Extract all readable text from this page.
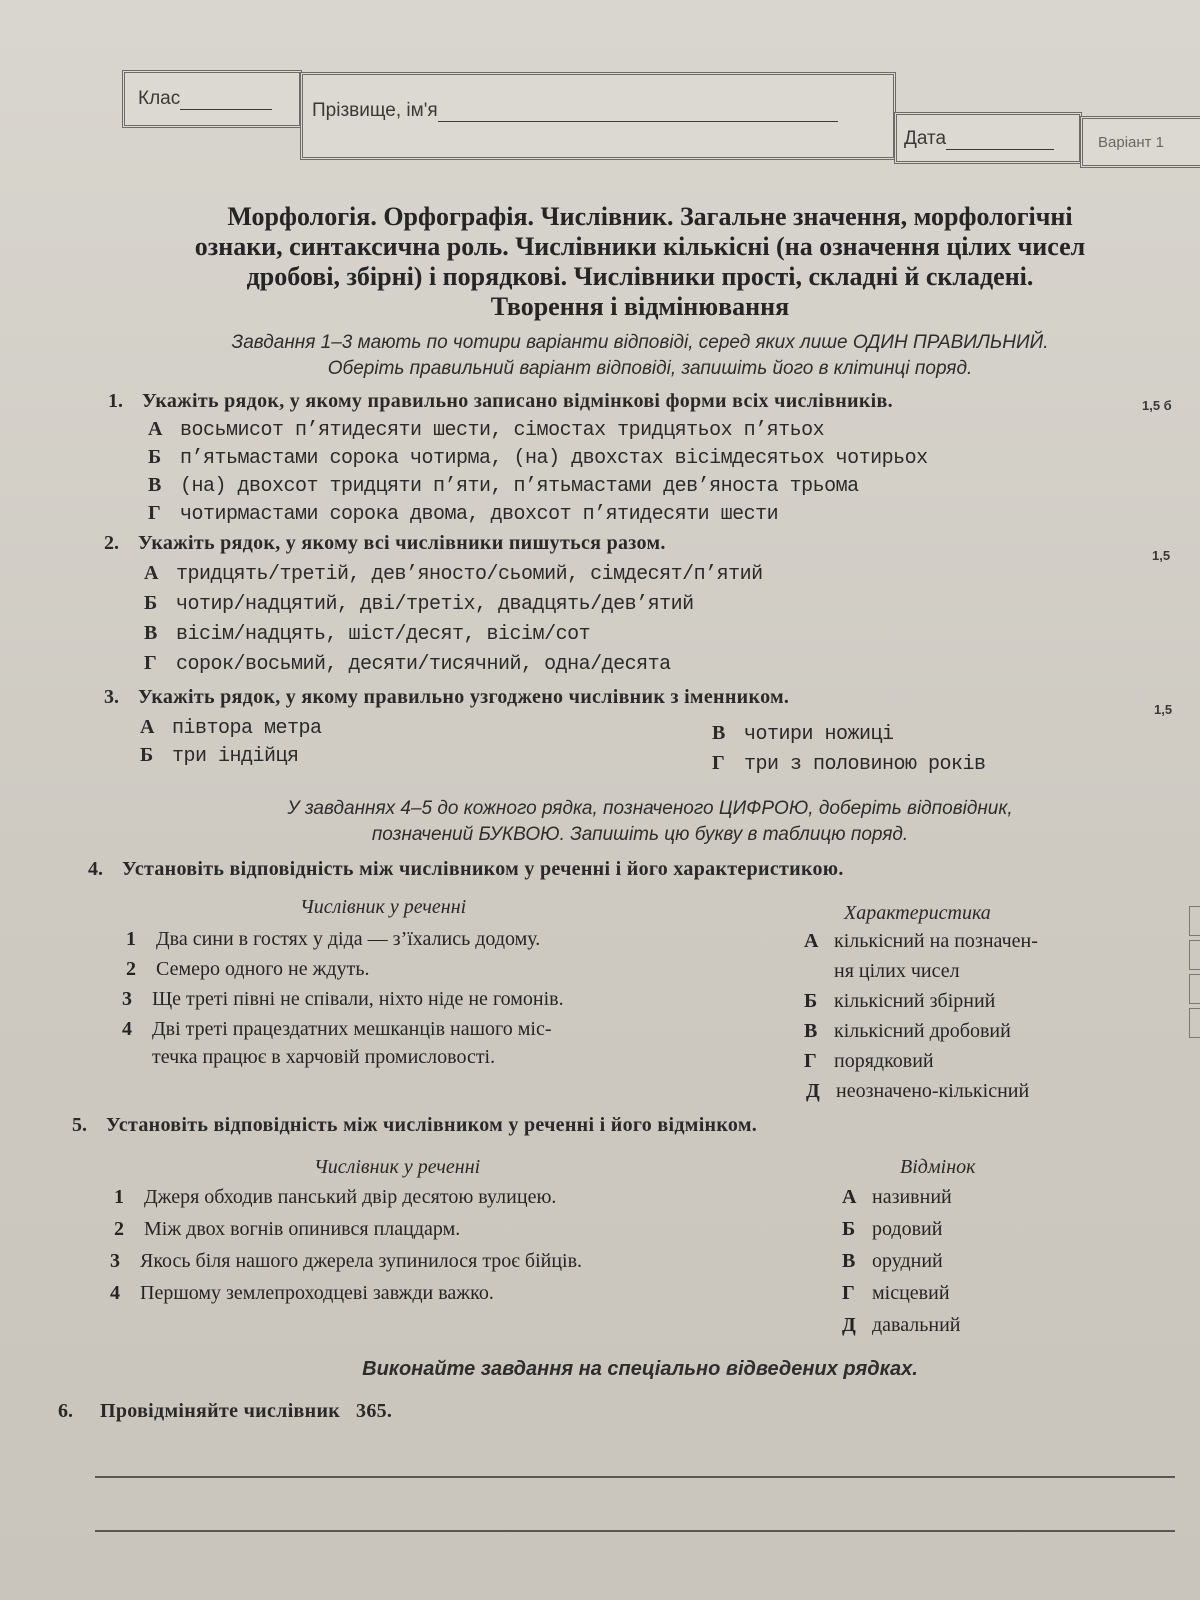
Клас
Прізвище, ім'я
Дата	Варіант 1
Морфологія. Орфографія. Числівник. Загальне значення, морфологічні
ознаки, синтаксична роль. Числівники кількісні (на означення цілих чисел
дробові, збірні) і порядкові. Числівники прості, складні й складені.
Творення і відмінювання
Завдання 1–3 мають по чотири варіанти відповіді, серед яких лише ОДИН ПРАВИЛЬНИЙ.
Оберіть правильний варіант відповіді, запишіть його в клітинці поряд.
1. Укажіть рядок, у якому правильно записано відмінкові форми всіх числівників.	1,5 б
А восьмисот п’ятидесяти шести, сімостах тридцятьох п’ятьох
Б п’ятьмастами сорока чотирма, (на) двохстах вісімдесятьох чотирьох
В (на) двохсот тридцяти п’яти, п’ятьмастами дев’яноста трьома
Г чотирмастами сорока двома, двохсот п’ятидесяти шести
2. Укажіть рядок, у якому всі числівники пишуться разом.
1,5
А тридцять/третій, дев’яносто/сьомий, сімдесят/п’ятий
Б чотир/надцятий, дві/третіх, двадцять/дев’ятий
В вісім/надцять, шіст/десят, вісім/сот
Г сорок/восьмий, десяти/тисячний, одна/десята
3. Укажіть рядок, у якому правильно узгоджено числівник з іменником.
1,5
А півтора метра
Б три індійця
В чотири ножиці
Г три з половиною років
У завданнях 4–5 до кожного рядка, позначеного ЦИФРОЮ, доберіть відповідник,
позначений БУКВОЮ. Запишіть цю букву в таблицю поряд.
4. Установіть відповідність між числівником у реченні і його характеристикою.
Числівник у реченні	Характеристика
1 Два сини в гостях у діда — з’їхались додому.
2 Семеро одного не ждуть.
3 Ще треті півні не співали, ніхто ніде не гомонів.
4 Дві треті працездатних мешканців нашого міс-
течка працює в харчовій промисловості.
А кількісний на позначен-
ня цілих чисел
Б кількісний збірний
В кількісний дробовий
Г порядковий
Д неозначено-кількісний
5. Установіть відповідність між числівником у реченні і його відмінком.
Числівник у реченні	Відмінок
1 Джеря обходив панський двір десятою вулицею.
2 Між двох вогнів опинився плацдарм.
3 Якось біля нашого джерела зупинилося троє бійців.
4 Першому землепроходцеві завжди важко.
А називний
Б родовий
В орудний
Г місцевий
Д давальний
Виконайте завдання на спеціально відведених рядках.
6. Провідміняйте числівник   365.
